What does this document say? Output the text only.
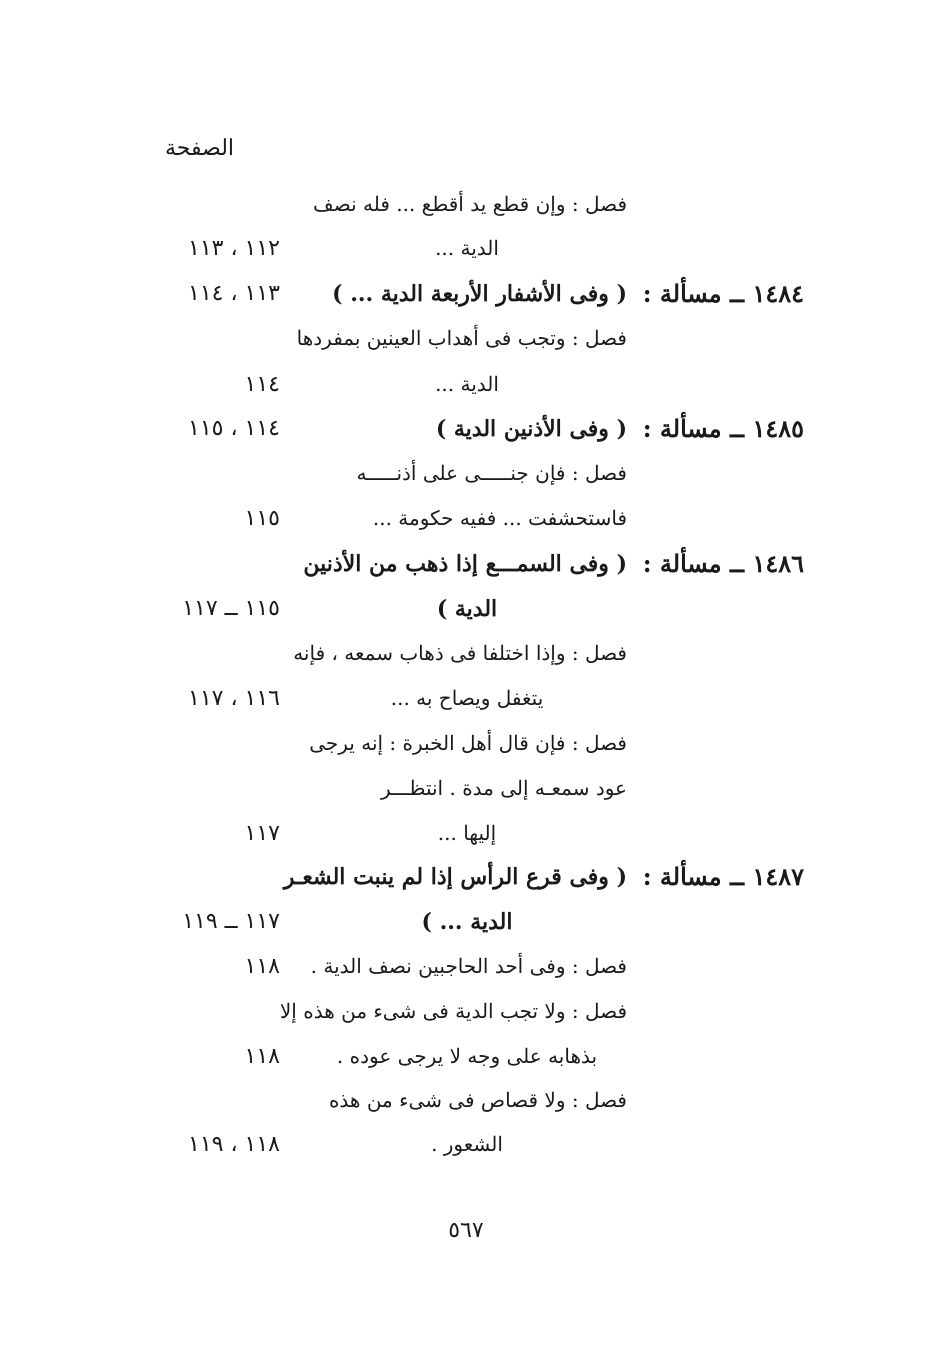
الصفحة
فصل : وإن قطع يد أقطع ... فله نصف
الدية ...
١١٢ ، ١١٣
١٤٨٤ ــ مسألة :
( وفى الأشفار الأربعة الدية ... )
١١٣ ، ١١٤
فصل : وتجب فى أهداب العينين بمفردها
الدية ...
١١٤
١٤٨٥ ــ مسألة :
( وفى الأذنين الدية )
١١٤ ، ١١٥
فصل : فإن جنـــــى على أذنـــــه
فاستحشفت ... ففيه حكومة ...
١١٥
١٤٨٦ ــ مسألة :
( وفى السمـــع إذا ذهب من الأذنين
الدية )
١١٥ ــ ١١٧
فصل : وإذا اختلفا فى ذهاب سمعه ، فإنه
يتغفل ويصاح به ...
١١٦ ، ١١٧
فصل : فإن قال أهل الخبرة : إنه يرجى
عود سمعـه إلى مدة . انتظـــر
إليها ...
١١٧
١٤٨٧ ــ مسألة :
( وفى قرع الرأس إذا لم ينبت الشعـر
الدية ... )
١١٧ ــ ١١٩
فصل : وفى أحد الحاجبين نصف الدية .
١١٨
فصل : ولا تجب الدية فى شىء من هذه إلا
بذهابه على وجه لا يرجى عوده .
١١٨
فصل : ولا قصاص فى شىء من هذه
الشعور .
١١٨ ، ١١٩
٥٦٧
